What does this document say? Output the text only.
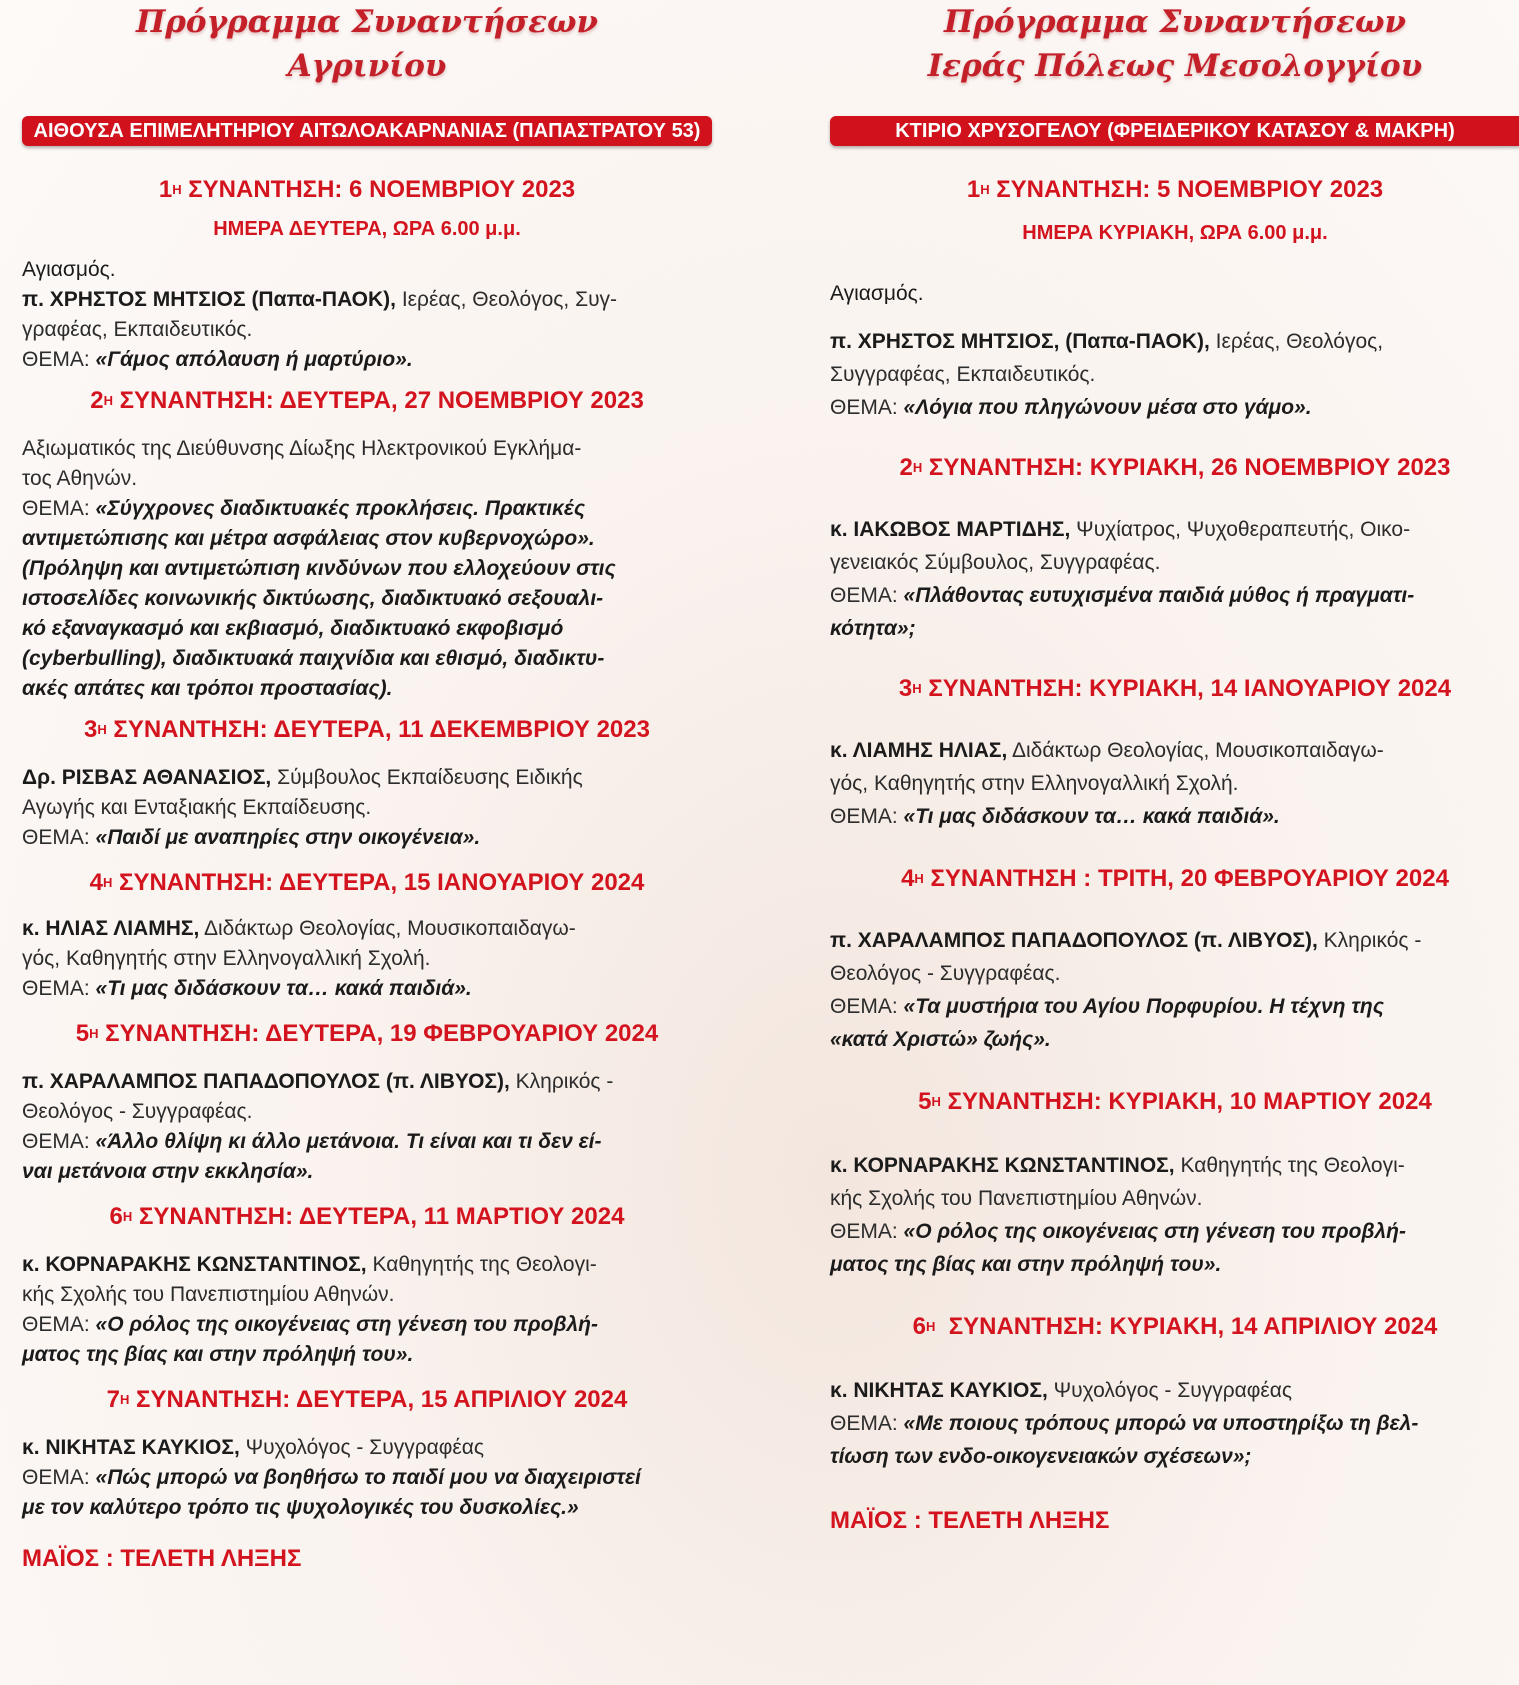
Πρόγραμμα Συναντήσεων
Αγρινίου
ΑΙΘΟΥΣΑ ΕΠΙΜΕΛΗΤΗΡΙΟΥ ΑΙΤΩΛΟΑΚΑΡΝΑΝΙΑΣ (ΠΑΠΑΣΤΡΑΤΟΥ 53)

$1^H$ ΣΥΝΑΝΤΗΣΗ: 6 ΝΟΕΜΒΡΙΟΥ 2023

ΗΜΕΡΑ ΔΕΥΤΕΡΑ, ΩΡΑ 6.00 μ.μ.

Αγιασμός.
π. ΧΡΗΣΤΟΣ ΜΗΤΣΙΟΣ (Παπα-ΠΑΟΚ), Ιερέας, Θεολόγος, Συγ-
γραφέας, Εκπαιδευτικός.
ΘΕΜΑ: «Γάμος απόλαυση ή μαρτύριο».

$2^H$ ΣΥΝΑΝΤΗΣΗ: ΔΕΥΤΕΡΑ, 27 ΝΟΕΜΒΡΙΟΥ 2023

Αξιωματικός της Διεύθυνσης Δίωξης Ηλεκτρονικού Εγκλήμα-
τος Αθηνών.
ΘΕΜΑ: «Σύγχρονες διαδικτυακές προκλήσεις. Πρακτικές
αντιμετώπισης και μέτρα ασφάλειας στον κυβερνοχώρο».
(Πρόληψη και αντιμετώπιση κινδύνων που ελλοχεύουν στις
ιστοσελίδες κοινωνικής δικτύωσης, διαδικτυακό σεξουαλι-
κό εξαναγκασμό και εκβιασμό, διαδικτυακό εκφοβισμό
(cyberbulling), διαδικτυακά παιχνίδια και εθισμό, διαδικτυ-
ακές απάτες και τρόποι προστασίας).

$3^H$ ΣΥΝΑΝΤΗΣΗ: ΔΕΥΤΕΡΑ, 11 ΔΕΚΕΜΒΡΙΟΥ 2023

Δρ. ΡΙΣΒΑΣ ΑΘΑΝΑΣΙΟΣ, Σύμβουλος Εκπαίδευσης Ειδικής
Αγωγής και Ενταξιακής Εκπαίδευσης.
ΘΕΜΑ: «Παιδί με αναπηρίες στην οικογένεια».

$4^H$ ΣΥΝΑΝΤΗΣΗ: ΔΕΥΤΕΡΑ, 15 ΙΑΝΟΥΑΡΙΟΥ 2024

κ. ΗΛΙΑΣ ΛΙΑΜΗΣ, Διδάκτωρ Θεολογίας, Μουσικοπαιδαγω-
γός, Καθηγητής στην Ελληνογαλλική Σχολή.
ΘΕΜΑ: «Τι μας διδάσκουν τα… κακά παιδιά».

$5^H$ ΣΥΝΑΝΤΗΣΗ: ΔΕΥΤΕΡΑ, 19 ΦΕΒΡΟΥΑΡΙΟΥ 2024

π. ΧΑΡΑΛΑΜΠΟΣ ΠΑΠΑΔΟΠΟΥΛΟΣ (π. ΛΙΒΥΟΣ), Κληρικός -
Θεολόγος - Συγγραφέας.
ΘΕΜΑ: «Άλλο θλίψη κι άλλο μετάνοια. Τι είναι και τι δεν εί-
ναι μετάνοια στην εκκλησία».

$6^H$ ΣΥΝΑΝΤΗΣΗ: ΔΕΥΤΕΡΑ, 11 ΜΑΡΤΙΟΥ 2024

κ. ΚΟΡΝΑΡΑΚΗΣ ΚΩΝΣΤΑΝΤΙΝΟΣ, Καθηγητής της Θεολογι-
κής Σχολής του Πανεπιστημίου Αθηνών.
ΘΕΜΑ: «Ο ρόλος της οικογένειας στη γένεση του προβλή-
ματος της βίας και στην πρόληψή του».

$7^H$ ΣΥΝΑΝΤΗΣΗ: ΔΕΥΤΕΡΑ, 15 ΑΠΡΙΛΙΟΥ 2024

κ. ΝΙΚΗΤΑΣ ΚΑΥΚΙΟΣ, Ψυχολόγος - Συγγραφέας
ΘΕΜΑ: «Πώς μπορώ να βοηθήσω το παιδί μου να διαχειριστεί
με τον καλύτερο τρόπο τις ψυχολογικές του δυσκολίες.»

ΜΑΪΟΣ : ΤΕΛΕΤΗ ΛΗΞΗΣ

Πρόγραμμα Συναντήσεων
Ιεράς Πόλεως Μεσολογγίου
ΚΤΙΡΙΟ ΧΡΥΣΟΓΕΛΟΥ (ΦΡΕΙΔΕΡΙΚΟΥ ΚΑΤΑΣΟΥ & ΜΑΚΡΗ)

$1^H$ ΣΥΝΑΝΤΗΣΗ: 5 ΝΟΕΜΒΡΙΟΥ 2023

ΗΜΕΡΑ ΚΥΡΙΑΚΗ, ΩΡΑ 6.00 μ.μ.

Αγιασμός.

π. ΧΡΗΣΤΟΣ ΜΗΤΣΙΟΣ, (Παπα-ΠΑΟΚ), Ιερέας, Θεολόγος,
Συγγραφέας, Εκπαιδευτικός.
ΘΕΜΑ: «Λόγια που πληγώνουν μέσα στο γάμο».

$2^H$ ΣΥΝΑΝΤΗΣΗ: ΚΥΡΙΑΚΗ, 26 ΝΟΕΜΒΡΙΟΥ 2023

κ. ΙΑΚΩΒΟΣ ΜΑΡΤΙΔΗΣ, Ψυχίατρος, Ψυχοθεραπευτής, Οικο-
γενειακός Σύμβουλος, Συγγραφέας.
ΘΕΜΑ: «Πλάθοντας ευτυχισμένα παιδιά μύθος ή πραγματι-
κότητα»;

$3^H$ ΣΥΝΑΝΤΗΣΗ: ΚΥΡΙΑΚΗ, 14 ΙΑΝΟΥΑΡΙΟΥ 2024

κ. ΛΙΑΜΗΣ ΗΛΙΑΣ, Διδάκτωρ Θεολογίας, Μουσικοπαιδαγω-
γός, Καθηγητής στην Ελληνογαλλική Σχολή.
ΘΕΜΑ: «Τι μας διδάσκουν τα… κακά παιδιά».

$4^H$ ΣΥΝΑΝΤΗΣΗ : ΤΡΙΤΗ, 20 ΦΕΒΡΟΥΑΡΙΟΥ 2024

π. ΧΑΡΑΛΑΜΠΟΣ ΠΑΠΑΔΟΠΟΥΛΟΣ (π. ΛΙΒΥΟΣ), Κληρικός -
Θεολόγος - Συγγραφέας.
ΘΕΜΑ: «Τα μυστήρια του Αγίου Πορφυρίου. Η τέχνη της
«κατά Χριστώ» ζωής».

$5^H$ ΣΥΝΑΝΤΗΣΗ: ΚΥΡΙΑΚΗ, 10 ΜΑΡΤΙΟΥ 2024

κ. ΚΟΡΝΑΡΑΚΗΣ ΚΩΝΣΤΑΝΤΙΝΟΣ, Καθηγητής της Θεολογι-
κής Σχολής του Πανεπιστημίου Αθηνών.
ΘΕΜΑ: «Ο ρόλος της οικογένειας στη γένεση του προβλή-
ματος της βίας και στην πρόληψή του».

$6^H$  ΣΥΝΑΝΤΗΣΗ: ΚΥΡΙΑΚΗ, 14 ΑΠΡΙΛΙΟΥ 2024

κ. ΝΙΚΗΤΑΣ ΚΑΥΚΙΟΣ, Ψυχολόγος - Συγγραφέας
ΘΕΜΑ: «Με ποιους τρόπους μπορώ να υποστηρίξω τη βελ-
τίωση των ενδο-οικογενειακών σχέσεων»;

ΜΑΪΟΣ : ΤΕΛΕΤΗ ΛΗΞΗΣ
